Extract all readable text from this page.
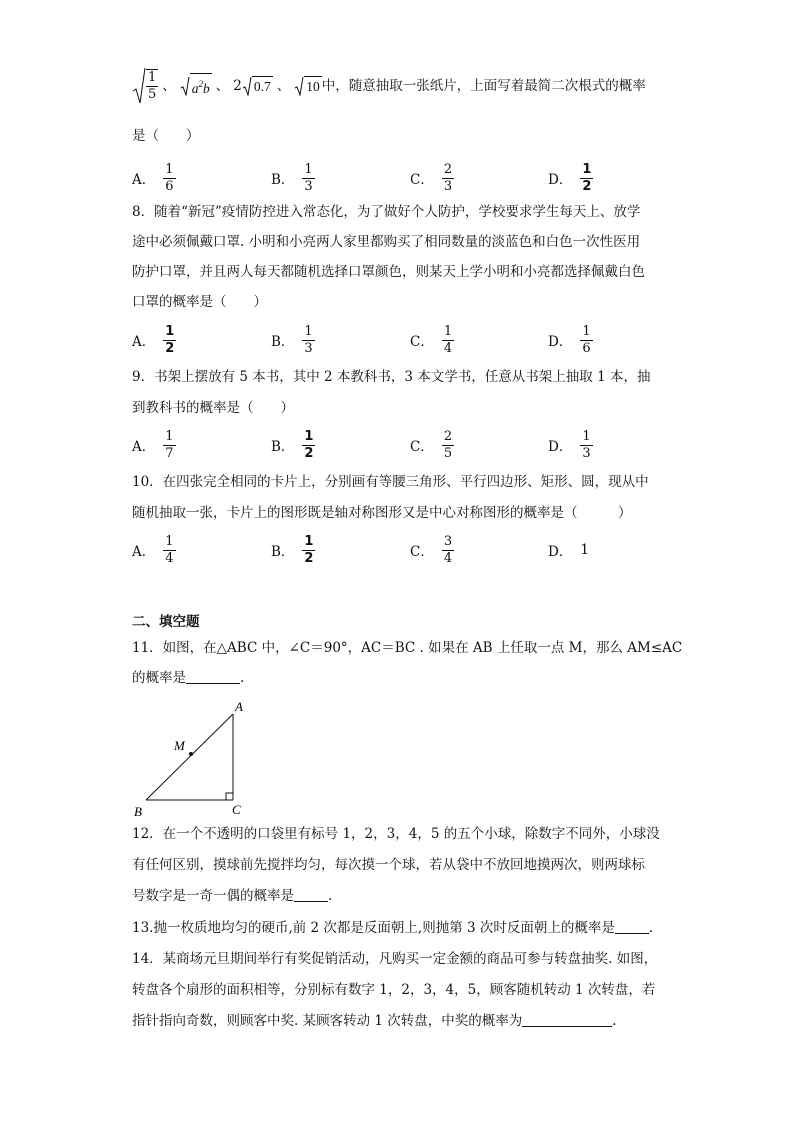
$\frac{1}{5}$ 、 $a^2b$ 、 2 0.7 、 10 中，随意抽取一张纸片，上面写着最简二次根式的概率
是（　　）
A． $\frac{1}{6}$	B． $\frac{1}{3}$	C． $\frac{2}{3}$	D． $\frac{1}{2}$
8．随着“新冠”疫情防控进入常态化，为了做好个人防护，学校要求学生每天上、放学
途中必须佩戴口罩. 小明和小亮两人家里都购买了相同数量的淡蓝色和白色一次性医用
防护口罩，并且两人每天都随机选择口罩颜色，则某天上学小明和小亮都选择佩戴白色
口罩的概率是（　　）
A． $\frac{1}{2}$	B． $\frac{1}{3}$	C． $\frac{1}{4}$	D． $\frac{1}{6}$
9．书架上摆放有 5 本书，其中 2 本教科书，3 本文学书，任意从书架上抽取 1 本，抽
到教科书的概率是（　　）
A． $\frac{1}{7}$	B． $\frac{1}{2}$	C． $\frac{2}{5}$	D． $\frac{1}{3}$
10．在四张完全相同的卡片上，分别画有等腰三角形、平行四边形、矩形、圆，现从中
随机抽取一张，卡片上的图形既是轴对称图形又是中心对称图形的概率是（　　　）
A． $\frac{1}{4}$	B． $\frac{1}{2}$	C． $\frac{3}{4}$	D． 1
二、填空题
11．如图，在△ABC 中，∠C＝90°，AC＝BC . 如果在 AB 上任取一点 M，那么 AM≤AC
的概率是	.
A
B	C
M
12．在一个不透明的口袋里有标号 1，2，3，4，5 的五个小球，除数字不同外，小球没
有任何区别，摸球前先搅拌均匀，每次摸一个球，若从袋中不放回地摸两次，则两球标
号数字是一奇一偶的概率是	.
13.抛一枚质地均匀的硬币,前 2 次都是反面朝上,则抛第 3 次时反面朝上的概率是	.
14．某商场元旦期间举行有奖促销活动，凡购买一定金额的商品可参与转盘抽奖. 如图，
转盘各个扇形的面积相等，分别标有数字 1，2，3，4，5，顾客随机转动 1 次转盘，若
指针指向奇数，则顾客中奖. 某顾客转动 1 次转盘，中奖的概率为	.
